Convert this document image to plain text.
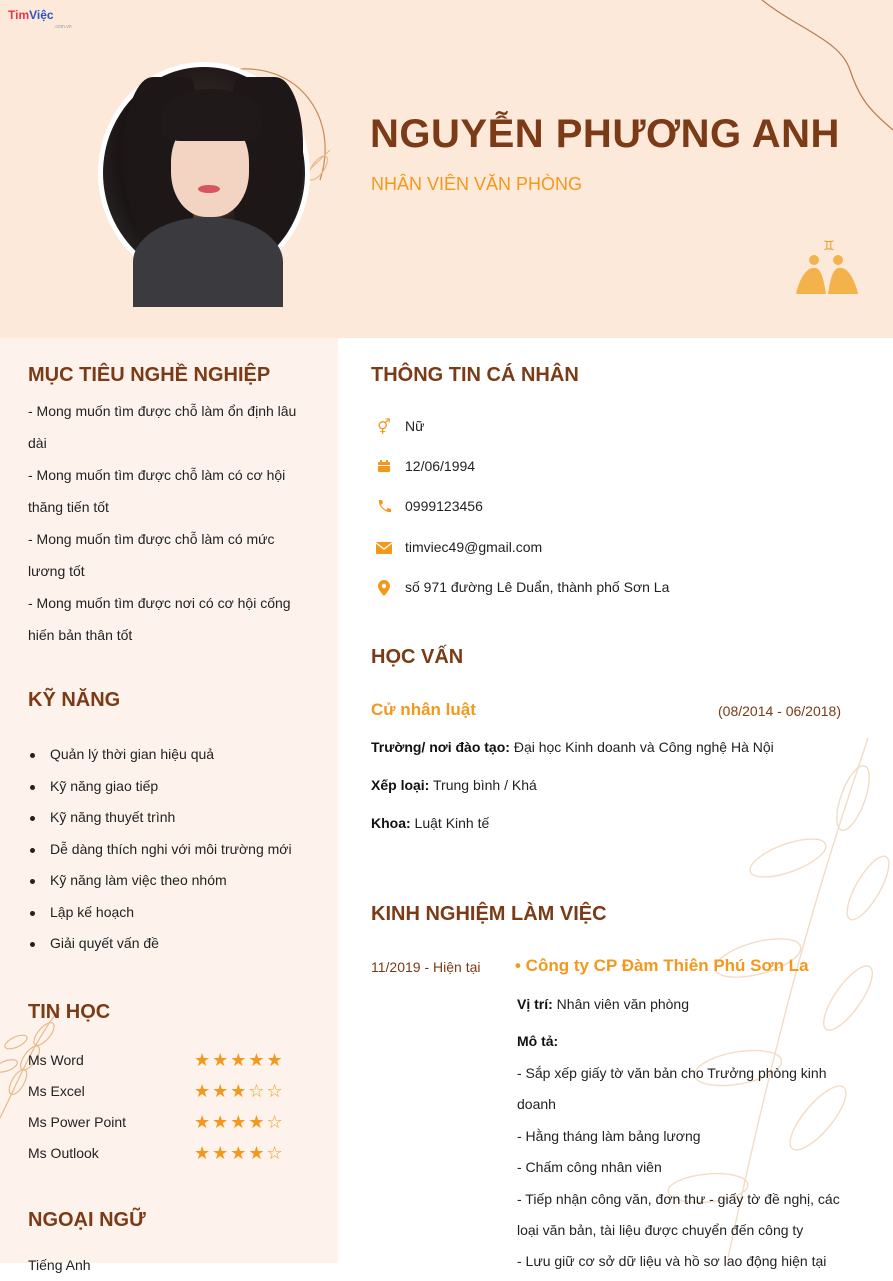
TimViệc
.com.vn
NGUYỄN PHƯƠNG ANH
NHÂN VIÊN VĂN PHÒNG
♊
MỤC TIÊU NGHỀ NGHIỆP
- Mong muốn tìm được chỗ làm ổn định lâu
dài
- Mong muốn tìm được chỗ làm có cơ hội
thăng tiến tốt
- Mong muốn tìm được chỗ làm có mức
lương tốt
- Mong muốn tìm được nơi có cơ hội cống
hiến bản thân tốt
KỸ NĂNG
Quản lý thời gian hiệu quả
Kỹ năng giao tiếp
Kỹ năng thuyết trình
Dễ dàng thích nghi với môi trường mới
Kỹ năng làm việc theo nhóm
Lập kế hoạch
Giải quyết vấn đề
TIN HỌC
Ms Word	★★★★★
Ms Excel	★★★☆☆
Ms Power Point	★★★★☆
Ms Outlook	★★★★☆
NGOẠI NGỮ
Tiếng Anh
THÔNG TIN CÁ NHÂN
⚥ Nữ
12/06/1994
0999123456
timviec49@gmail.com
số 971 đường Lê Duẩn, thành phố Sơn La
HỌC VẤN
Cử nhân luật	(08/2014 - 06/2018)
Trường/ nơi đào tạo: Đại học Kinh doanh và Công nghệ Hà Nội
Xếp loại: Trung bình / Khá
Khoa: Luật Kinh tế
KINH NGHIỆM LÀM VIỆC
11/2019 - Hiện tại • Công ty CP Đàm Thiên Phú Sơn La
Vị trí: Nhân viên văn phòng
Mô tả:
- Sắp xếp giấy tờ văn bản cho Trưởng phòng kinh
doanh
- Hằng tháng làm bảng lương
- Chấm công nhân viên
- Tiếp nhận công văn, đơn thư - giấy tờ đề nghị, các
loại văn bản, tài liệu được chuyển đến công ty
- Lưu giữ cơ sở dữ liệu và hồ sơ lao động hiện tại
